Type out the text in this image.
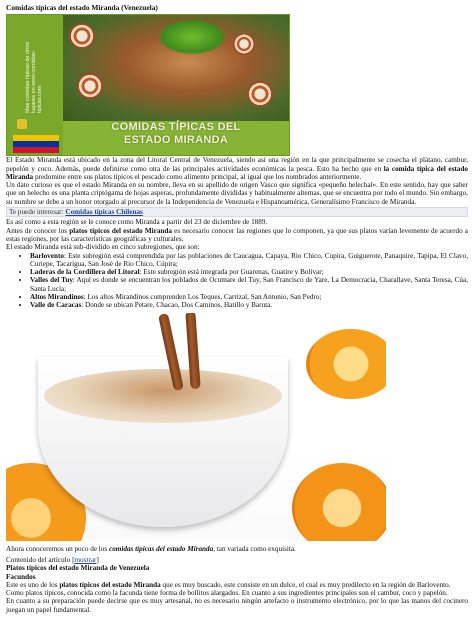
Comidas típicas del estado Miranda (Venezuela)
Mas comidas típicas de otros lugares en www.comidas-tipicas.com
COMIDAS TÍPICAS DEL
ESTADO MIRANDA

El Estado Miranda está ubicado en la zona del Litoral Central de Venezuela, siendo así una región en la que principalmente se cosecha el plátano, cambur, pepelón y coco. Además, puede definirse como otra de las principales actividades económicas la pesca. Esto ha hecho que en la comida típica del estado Miranda predomine entre sus platos típicos el pescado como alimento principal, al igual que los nombrados anteriormente.

Un dato curioso es que el estado Miranda en su nombre, lleva en su apellido de origen Vasco que significa «pequeño helechal». En este sentido, hay que saber que un helecho es una planta criptógama de hojas asperas, profundamente divididas y habitualmente alternas, que se encuentra por todo el mundo. Sin embargo, su nombre se debe a un honor otorgado al precursor de la Independencia de Venezuela e Hispanoamérica, Generalísimo Francisco de Miranda.

Te puede interesar: Comidas típicas Chilenas

Es así como a esta región se le conoce como Miranda a partir del 23 de diciembre de 1889.

Antes de conocer los platos típicos del estado Miranda es necesario conocer las regiones que lo componen, ya que sus platos varían levemente de acuerdo a estas regiones, por las características geográficas y culturales.

El estado Miranda está sub-dividido en cinco subregiones, que son:

• Barlovento: Este subregión está comprendida por las poblaciones de Caucagua, Capaya, Rio Chico, Cupira, Guiguerote, Panaquire, Tapipa, El Clavo, Curiepe, Tacarigua, San José de Rio Chico, Cúpira;
• Laderas de la Cordillera del Litoral: Este subregión está integrada por Guarenas, Guatire y Bolívar;
• Valles del Tuy: Aquí es donde se encuentran los poblados de Ocumare del Tuy, San Francisco de Yare, La Democracia, Charallave, Santa Teresa, Cúa, Santa Lucía;
• Altos Mirandinos: Los altos Mirandinos comprenden Los Teques, Carrizal, San Antonio, San Pedro;
• Valle de Caracas: Donde se ubican Petare, Chacao, Dos Caminos, Hatillo y Baruta.

Ahora conoceremos un poco de los comidas típicas del estado Miranda, tan variada como exquisita.

Contenido del artículo [mostrar]
Platos típicos del estado Miranda de Venezuela
Facundos

Este es uno de los platos típicos del estado Miranda que es muy buscado, este consiste en un dulce, el cual es muy predilecto en la región de Barlovento.

Como platos típicos, conocida como la facunda tiene forma de bollitos alargados. En cuanto a sus ingredientes principales son el cambur, coco y papelón.

En cuanto a su preparación puede decirse que es muy artesanal, no es necesario ningún artefacto o instrumento electrónico, por lo que las manos del cocinero juegan un papel fundamental.
